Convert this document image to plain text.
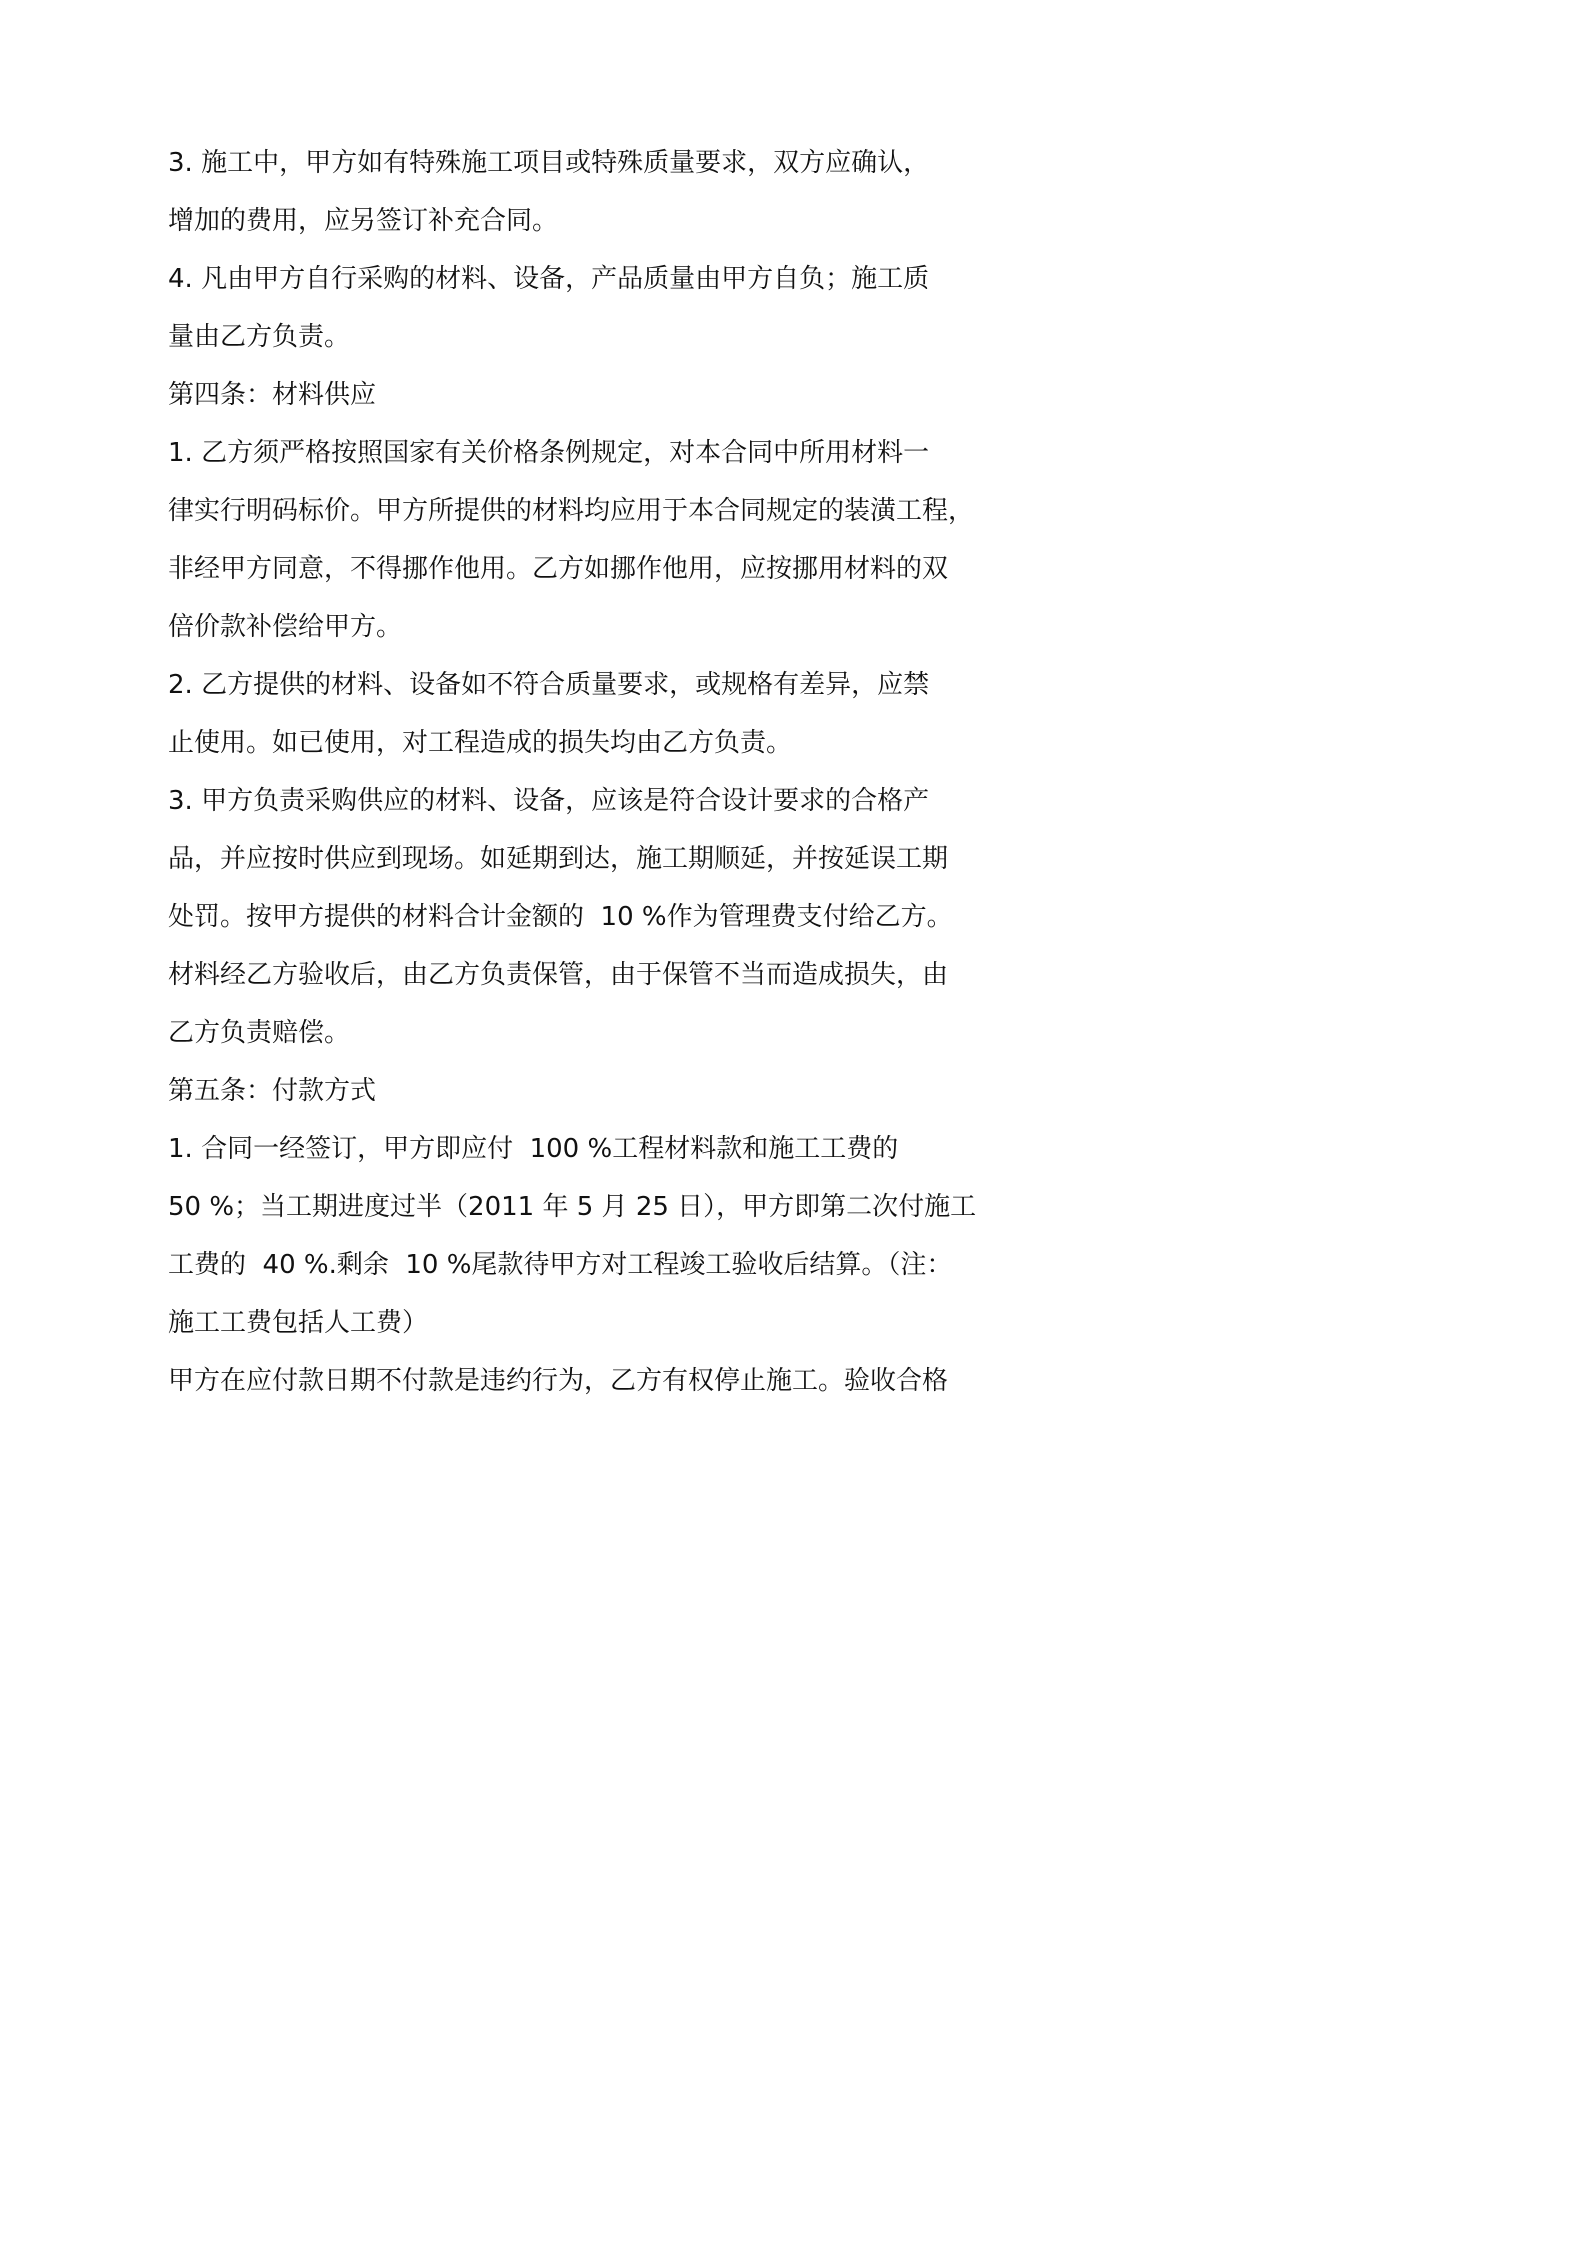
3. 施工中，甲方如有特殊施工项目或特殊质量要求，双方应确认，
增加的费用，应另签订补充合同。
4. 凡由甲方自行采购的材料、设备，产品质量由甲方自负；施工质
量由乙方负责。
第四条：材料供应
1. 乙方须严格按照国家有关价格条例规定，对本合同中所用材料一
律实行明码标价。甲方所提供的材料均应用于本合同规定的装潢工程，
非经甲方同意，不得挪作他用。乙方如挪作他用，应按挪用材料的双
倍价款补偿给甲方。
2. 乙方提供的材料、设备如不符合质量要求，或规格有差异，应禁
止使用。如已使用，对工程造成的损失均由乙方负责。
3. 甲方负责采购供应的材料、设备，应该是符合设计要求的合格产
品，并应按时供应到现场。如延期到达，施工期顺延，并按延误工期
处罚。按甲方提供的材料合计金额的  10 %作为管理费支付给乙方。
材料经乙方验收后，由乙方负责保管，由于保管不当而造成损失，由
乙方负责赔偿。
第五条：付款方式
1. 合同一经签订，甲方即应付  100 %工程材料款和施工工费的
50 %；当工期进度过半（2011 年 5 月 25 日），甲方即第二次付施工
工费的  40 %.剩余  10 %尾款待甲方对工程竣工验收后结算。（注：
施工工费包括人工费）
甲方在应付款日期不付款是违约行为，乙方有权停止施工。验收合格
